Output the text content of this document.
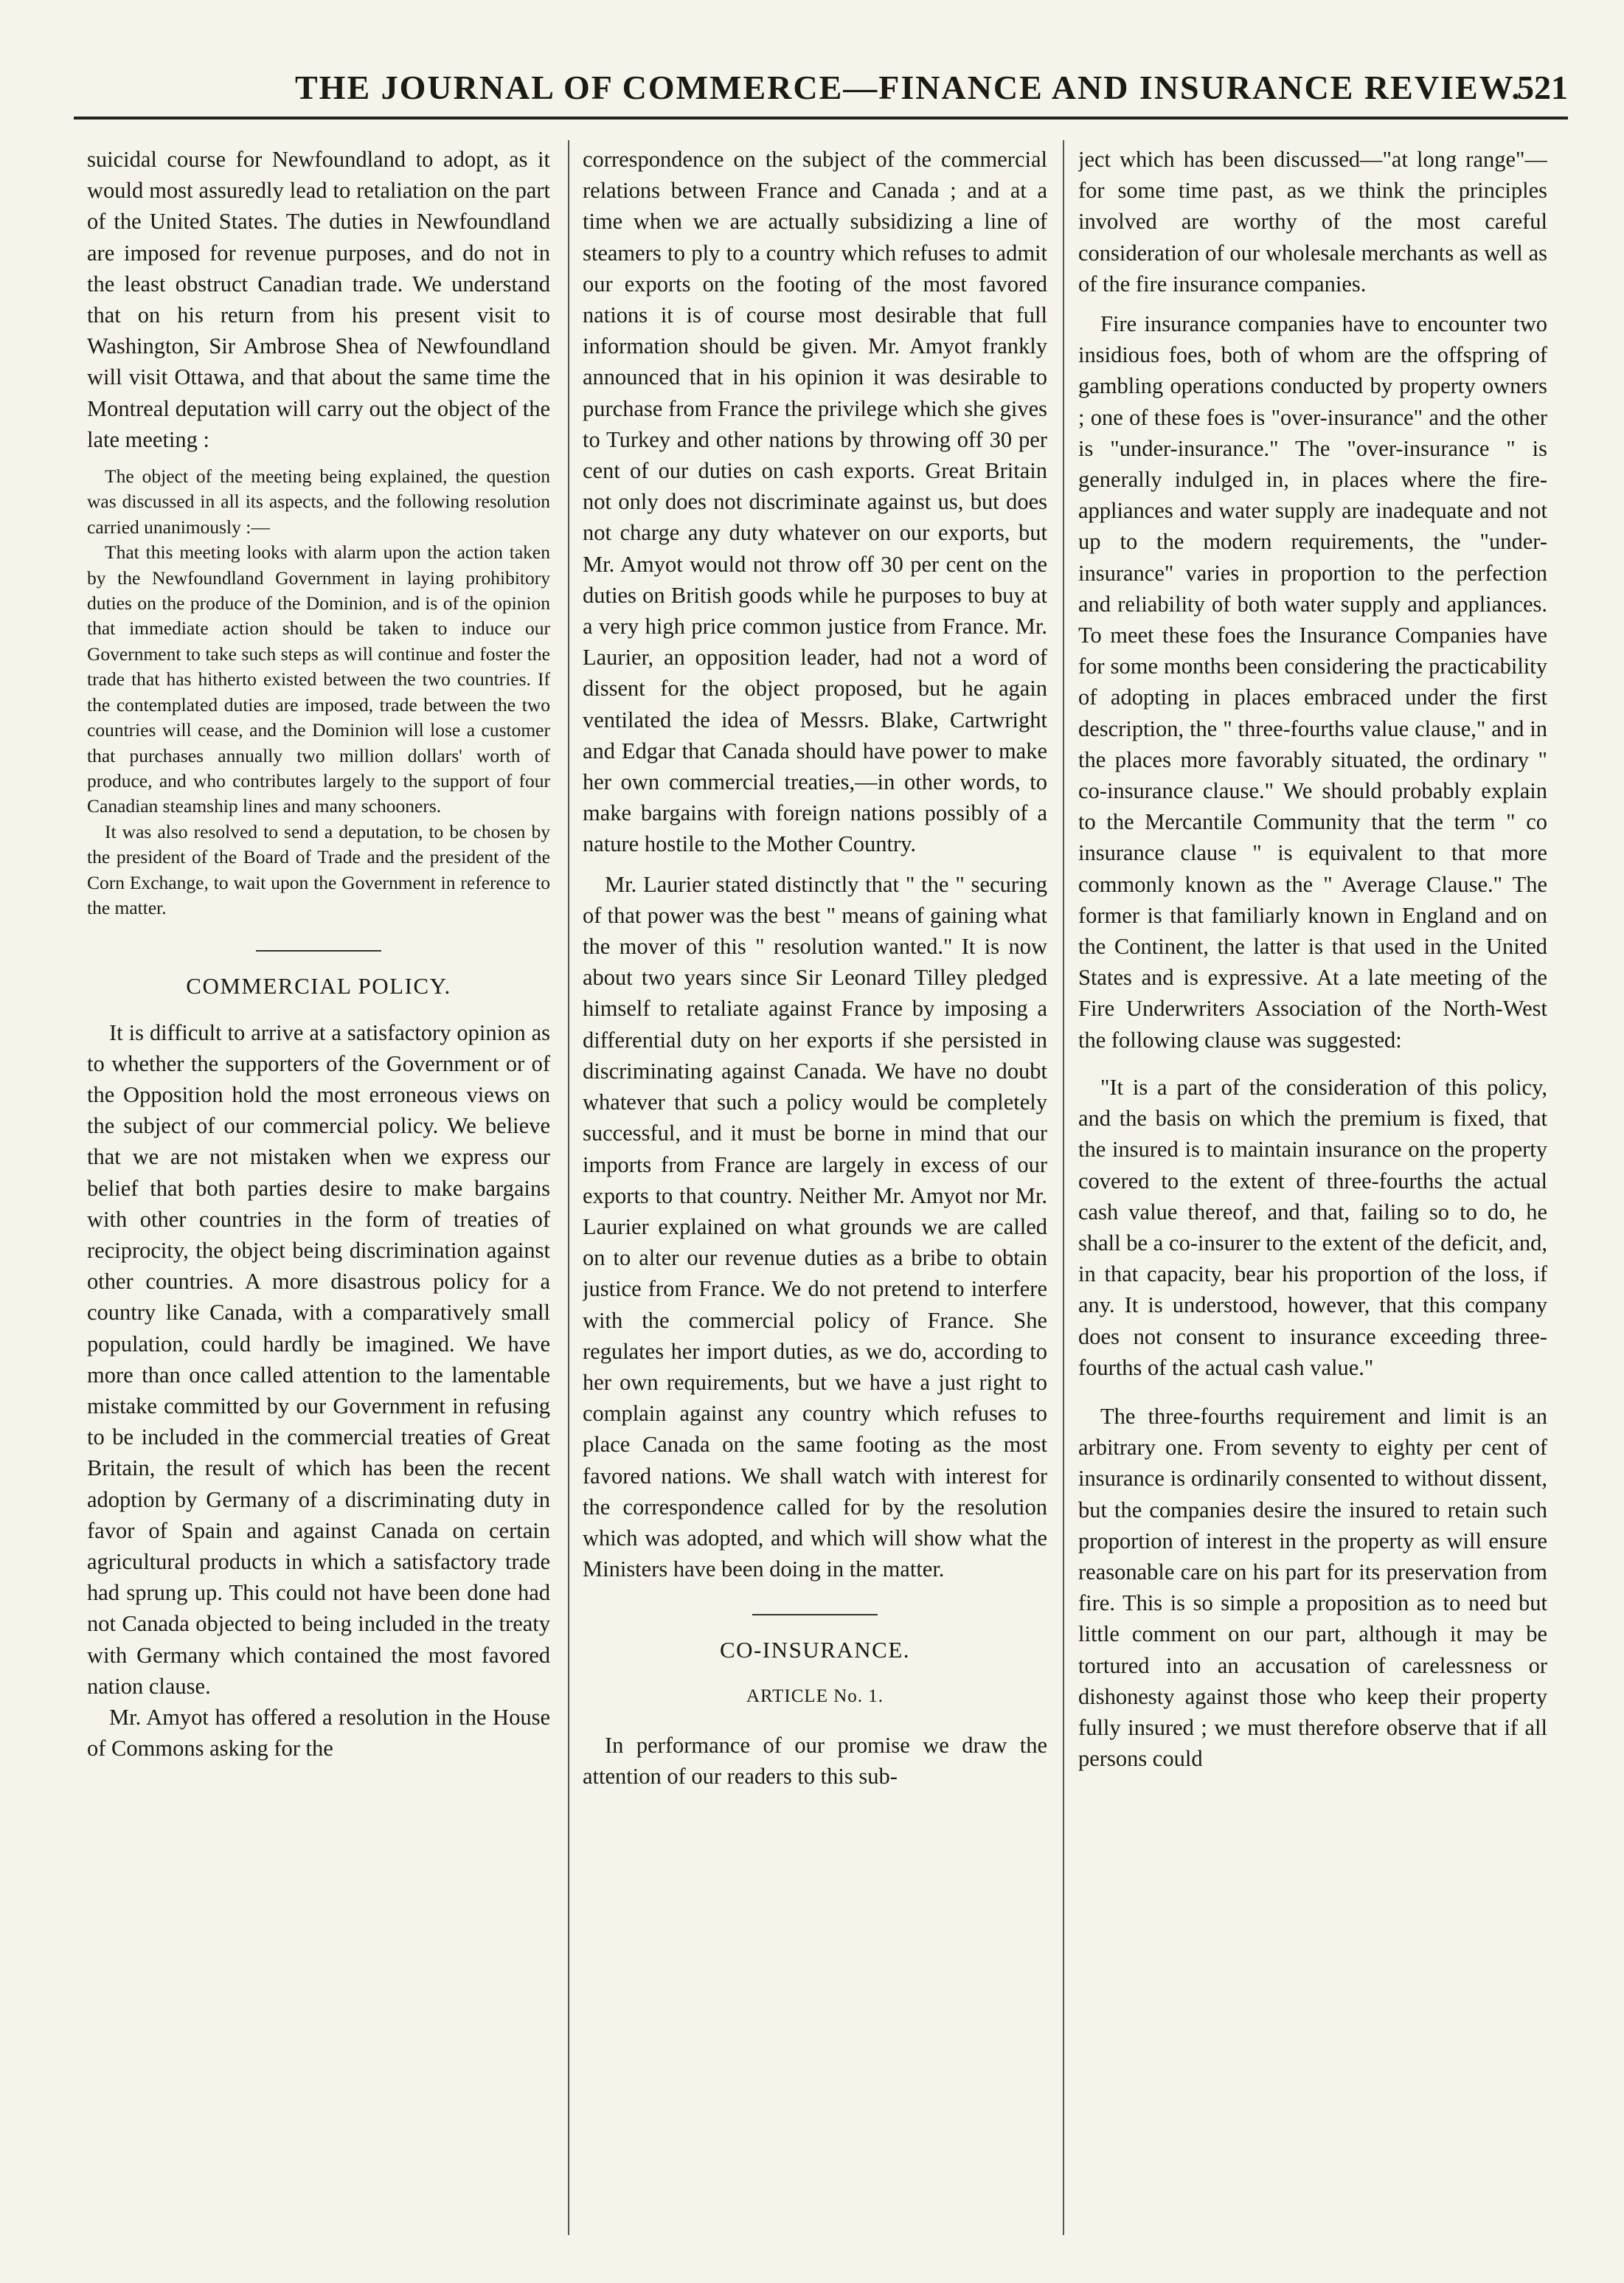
THE JOURNAL OF COMMERCE—FINANCE AND INSURANCE REVIEW.
521

suicidal course for Newfoundland to adopt, as it would most assuredly lead to retaliation on the part of the United States. The duties in Newfoundland are imposed for revenue purposes, and do not in the least obstruct Canadian trade. We understand that on his return from his present visit to Washington, Sir Ambrose Shea of Newfoundland will visit Ottawa, and that about the same time the Montreal deputation will carry out the object of the late meeting :

The object of the meeting being explained, the question was discussed in all its aspects, and the following resolution carried unanimously :—

That this meeting looks with alarm upon the action taken by the Newfoundland Government in laying prohibitory duties on the produce of the Dominion, and is of the opinion that immediate action should be taken to induce our Government to take such steps as will continue and foster the trade that has hitherto existed between the two countries. If the contemplated duties are imposed, trade between the two countries will cease, and the Dominion will lose a customer that purchases annually two million dollars' worth of produce, and who contributes largely to the support of four Canadian steamship lines and many schooners.

It was also resolved to send a deputation, to be chosen by the president of the Board of Trade and the president of the Corn Exchange, to wait upon the Government in reference to the matter.

COMMERCIAL POLICY.

It is difficult to arrive at a satisfactory opinion as to whether the supporters of the Government or of the Opposition hold the most erroneous views on the subject of our commercial policy. We believe that we are not mistaken when we express our belief that both parties desire to make bargains with other countries in the form of treaties of reciprocity, the object being discrimination against other countries. A more disastrous policy for a country like Canada, with a comparatively small population, could hardly be imagined. We have more than once called attention to the lamentable mistake committed by our Government in refusing to be included in the commercial treaties of Great Britain, the result of which has been the recent adoption by Germany of a discriminating duty in favor of Spain and against Canada on certain agricultural products in which a satisfactory trade had sprung up. This could not have been done had not Canada objected to being included in the treaty with Germany which contained the most favored nation clause.

Mr. Amyot has offered a resolution in the House of Commons asking for the

correspondence on the subject of the commercial relations between France and Canada ; and at a time when we are actually subsidizing a line of steamers to ply to a country which refuses to admit our exports on the footing of the most favored nations it is of course most desirable that full information should be given. Mr. Amyot frankly announced that in his opinion it was desirable to purchase from France the privilege which she gives to Turkey and other nations by throwing off 30 per cent of our duties on cash exports. Great Britain not only does not discriminate against us, but does not charge any duty whatever on our exports, but Mr. Amyot would not throw off 30 per cent on the duties on British goods while he purposes to buy at a very high price common justice from France. Mr. Laurier, an opposition leader, had not a word of dissent for the object proposed, but he again ventilated the idea of Messrs. Blake, Cartwright and Edgar that Canada should have power to make her own commercial treaties,—in other words, to make bargains with foreign nations possibly of a nature hostile to the Mother Country.

Mr. Laurier stated distinctly that " the " securing of that power was the best " means of gaining what the mover of this " resolution wanted." It is now about two years since Sir Leonard Tilley pledged himself to retaliate against France by imposing a differential duty on her exports if she persisted in discriminating against Canada. We have no doubt whatever that such a policy would be completely successful, and it must be borne in mind that our imports from France are largely in excess of our exports to that country. Neither Mr. Amyot nor Mr. Laurier explained on what grounds we are called on to alter our revenue duties as a bribe to obtain justice from France. We do not pretend to interfere with the commercial policy of France. She regulates her import duties, as we do, according to her own requirements, but we have a just right to complain against any country which refuses to place Canada on the same footing as the most favored nations. We shall watch with interest for the correspondence called for by the resolution which was adopted, and which will show what the Ministers have been doing in the matter.

CO-INSURANCE.
ARTICLE No. 1.

In performance of our promise we draw the attention of our readers to this sub-

ject which has been discussed—"at long range"—for some time past, as we think the principles involved are worthy of the most careful consideration of our wholesale merchants as well as of the fire insurance companies.

Fire insurance companies have to encounter two insidious foes, both of whom are the offspring of gambling operations conducted by property owners ; one of these foes is "over-insurance" and the other is "under-insurance." The "over-insurance " is generally indulged in, in places where the fire-appliances and water supply are inadequate and not up to the modern requirements, the "under-insurance" varies in proportion to the perfection and reliability of both water supply and appliances. To meet these foes the Insurance Companies have for some months been considering the practicability of adopting in places embraced under the first description, the " three-fourths value clause," and in the places more favorably situated, the ordinary " co-insurance clause." We should probably explain to the Mercantile Community that the term " co insurance clause " is equivalent to that more commonly known as the " Average Clause." The former is that familiarly known in England and on the Continent, the latter is that used in the United States and is expressive. At a late meeting of the Fire Underwriters Association of the North-West the following clause was suggested:

"It is a part of the consideration of this policy, and the basis on which the premium is fixed, that the insured is to maintain insurance on the property covered to the extent of three-fourths the actual cash value thereof, and that, failing so to do, he shall be a co-insurer to the extent of the deficit, and, in that capacity, bear his proportion of the loss, if any. It is understood, however, that this company does not consent to insurance exceeding three-fourths of the actual cash value."

The three-fourths requirement and limit is an arbitrary one. From seventy to eighty per cent of insurance is ordinarily consented to without dissent, but the companies desire the insured to retain such proportion of interest in the property as will ensure reasonable care on his part for its preservation from fire. This is so simple a proposition as to need but little comment on our part, although it may be tortured into an accusation of carelessness or dishonesty against those who keep their property fully insured ; we must therefore observe that if all persons could
